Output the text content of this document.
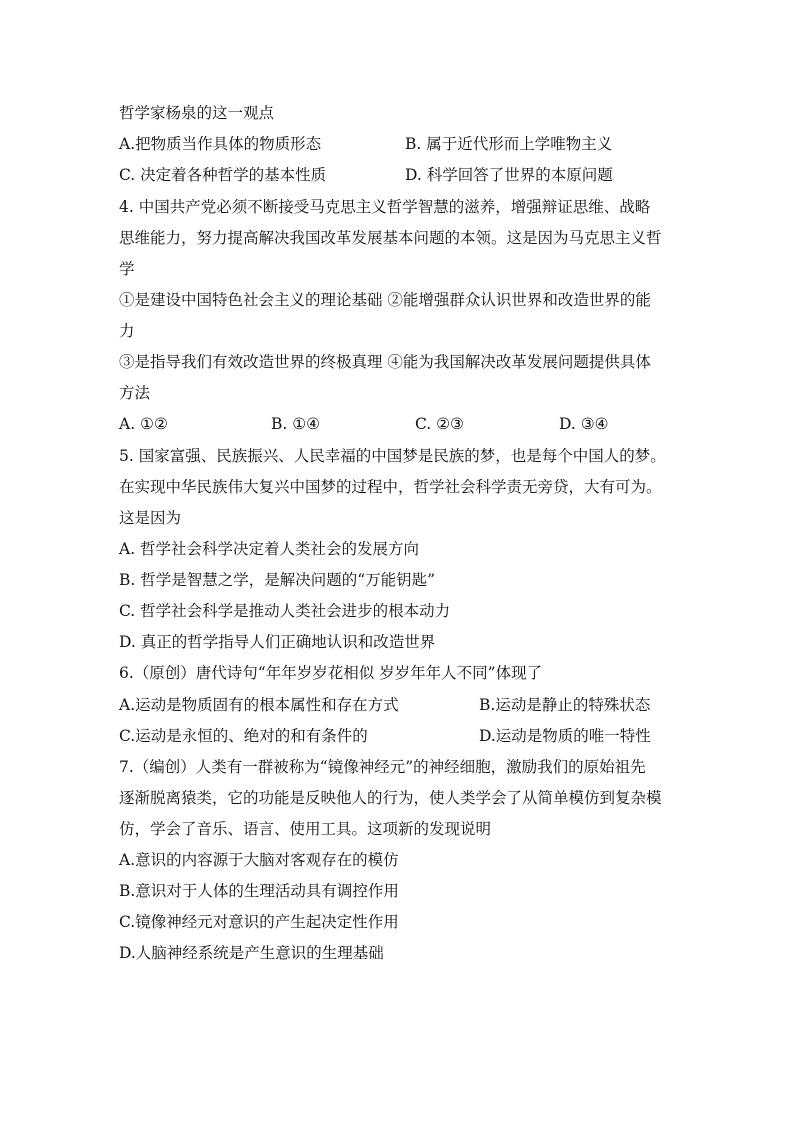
哲学家杨泉的这一观点
A.把物质当作具体的物质形态	B. 属于近代形而上学唯物主义
C. 决定着各种哲学的基本性质	D. 科学回答了世界的本原问题
4. 中国共产党必须不断接受马克思主义哲学智慧的滋养，增强辩证思维、战略
思维能力，努力提高解决我国改革发展基本问题的本领。这是因为马克思主义哲
学
①是建设中国特色社会主义的理论基础 ②能增强群众认识世界和改造世界的能
力
③是指导我们有效改造世界的终极真理 ④能为我国解决改革发展问题提供具体
方法
A. ①②	B. ①④	C. ②③	D. ③④
5. 国家富强、民族振兴、人民幸福的中国梦是民族的梦，也是每个中国人的梦。
在实现中华民族伟大复兴中国梦的过程中，哲学社会科学责无旁贷，大有可为。
这是因为
A. 哲学社会科学决定着人类社会的发展方向
B. 哲学是智慧之学，是解决问题的“万能钥匙”
C. 哲学社会科学是推动人类社会进步的根本动力
D. 真正的哲学指导人们正确地认识和改造世界
6.（原创）唐代诗句“年年岁岁花相似 岁岁年年人不同”体现了
A.运动是物质固有的根本属性和存在方式	B.运动是静止的特殊状态
C.运动是永恒的、绝对的和有条件的	D.运动是物质的唯一特性
7.（编创）人类有一群被称为“镜像神经元”的神经细胞，激励我们的原始祖先
逐渐脱离猿类，它的功能是反映他人的行为，使人类学会了从简单模仿到复杂模
仿，学会了音乐、语言、使用工具。这项新的发现说明
A.意识的内容源于大脑对客观存在的模仿
B.意识对于人体的生理活动具有调控作用
C.镜像神经元对意识的产生起决定性作用
D.人脑神经系统是产生意识的生理基础
